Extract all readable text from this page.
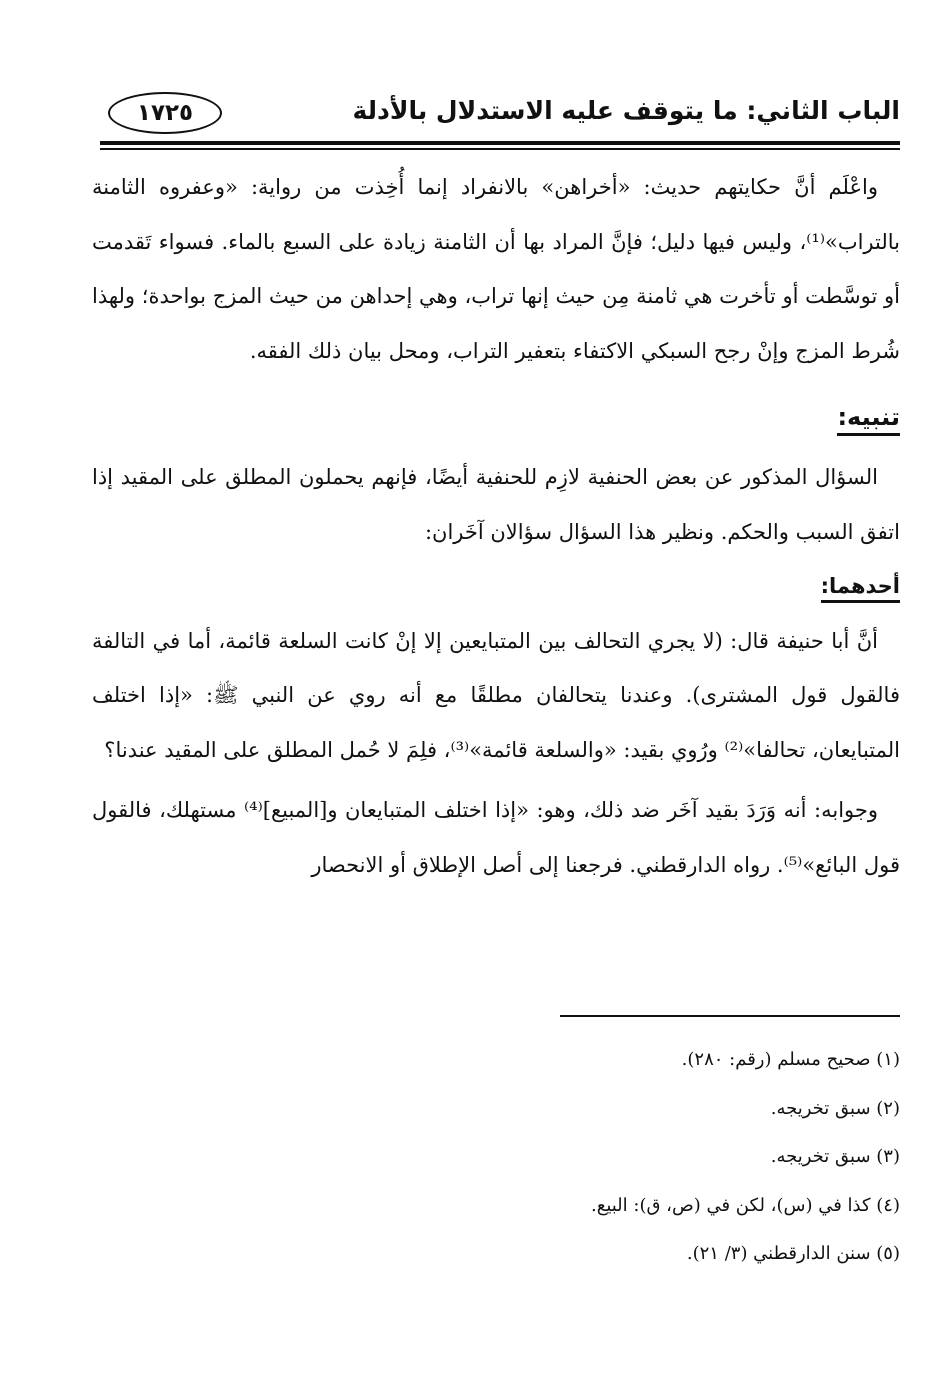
الباب الثاني: ما يتوقف عليه الاستدلال بالأدلة
١٧٢٥

واعْلَم أنَّ حكايتهم حديث: «أخراهن» بالانفراد إنما أُخِذت من رواية: «وعفروه الثامنة بالتراب»⁽¹⁾، وليس فيها دليل؛ فإنَّ المراد بها أن الثامنة زيادة على السبع بالماء. فسواء تَقدمت أو توسَّطت أو تأخرت هي ثامنة مِن حيث إنها تراب، وهي إحداهن من حيث المزج بواحدة؛ ولهذا شُرط المزج وإنْ رجح السبكي الاكتفاء بتعفير التراب، ومحل بيان ذلك الفقه.

تنبيه:

السؤال المذكور عن بعض الحنفية لازِم للحنفية أيضًا، فإنهم يحملون المطلق على المقيد إذا اتفق السبب والحكم. ونظير هذا السؤال سؤالان آخَران:

أحدهما:

أنَّ أبا حنيفة قال: (لا يجري التحالف بين المتبايعين إلا إنْ كانت السلعة قائمة، أما في التالفة فالقول قول المشترى). وعندنا يتحالفان مطلقًا مع أنه روي عن النبي ﷺ: «إذا اختلف المتبايعان، تحالفا»⁽²⁾ ورُوي بقيد: «والسلعة قائمة»⁽³⁾، فلِمَ لا حُمل المطلق على المقيد عندنا؟

وجوابه: أنه وَرَدَ بقيد آخَر ضد ذلك، وهو: «إذا اختلف المتبايعان و[المبيع]⁽⁴⁾ مستهلك، فالقول قول البائع»⁽⁵⁾. رواه الدارقطني. فرجعنا إلى أصل الإطلاق أو الانحصار

(١) صحيح مسلم (رقم: ٢٨٠).

(٢) سبق تخريجه.

(٣) سبق تخريجه.

(٤) كذا في (س)، لكن في (ص، ق): البيع.

(٥) سنن الدارقطني (٣/ ٢١).
